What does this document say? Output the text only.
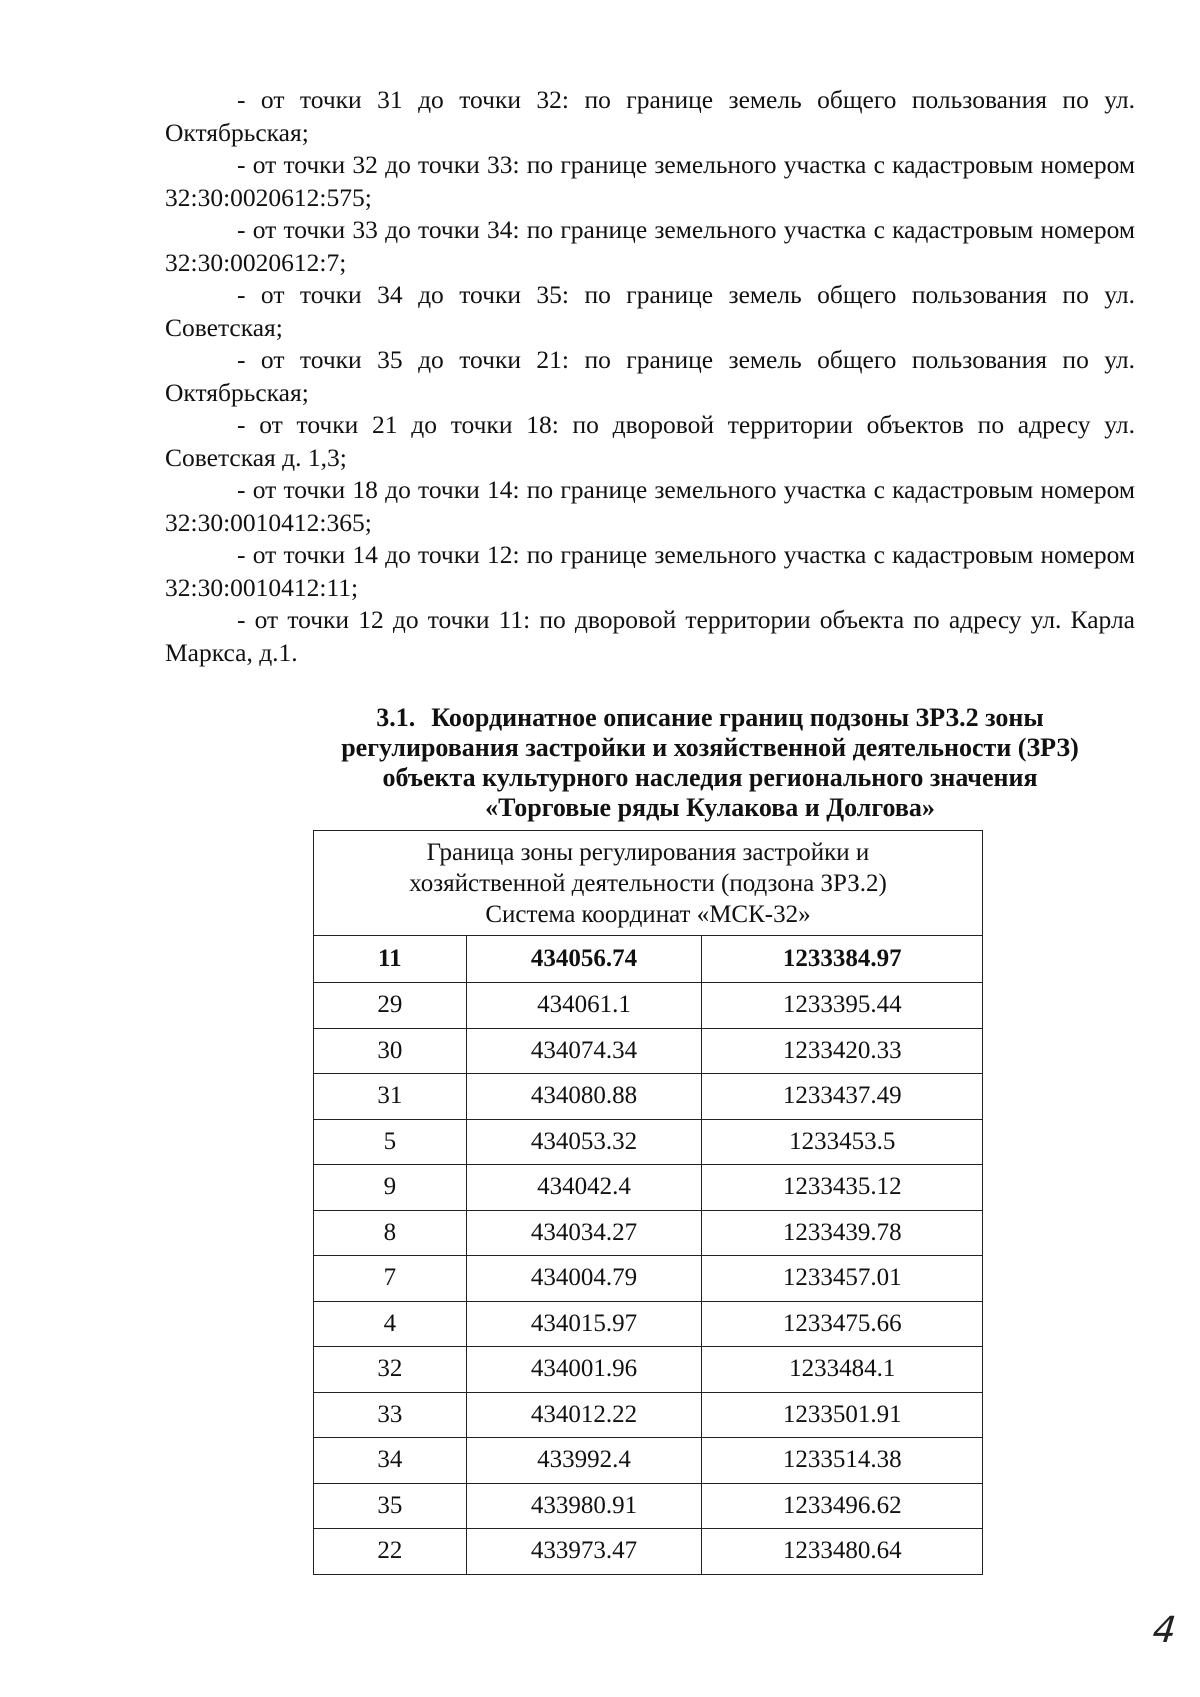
- от точки 31 до точки 32: по границе земель общего пользования по ул. Октябрьская;

- от точки 32 до точки 33: по границе земельного участка с кадастровым номером 32:30:0020612:575;

- от точки 33 до точки 34: по границе земельного участка с кадастровым номером 32:30:0020612:7;

- от точки 34 до точки 35: по границе земель общего пользования по ул. Советская;

- от точки 35 до точки 21: по границе земель общего пользования по ул. Октябрьская;

- от точки 21 до точки 18: по дворовой территории объектов по адресу ул. Советская д. 1,3;

- от точки 18 до точки 14: по границе земельного участка с кадастровым номером 32:30:0010412:365;

- от точки 14 до точки 12: по границе земельного участка с кадастровым номером 32:30:0010412:11;

- от точки 12 до точки 11: по дворовой территории объекта по адресу ул. Карла Маркса, д.1.

3.1. Координатное описание границ подзоны ЗРЗ.2 зоны
регулирования застройки и хозяйственной деятельности (ЗРЗ)
объекта культурного наследия регионального значения
«Торговые ряды Кулакова и Долгова»
Граница зоны регулирования застройки и
хозяйственной деятельности (подзона ЗРЗ.2)
Система координат «МСК-32»		

11	434056.74	1233384.97
29	434061.1	1233395.44
30	434074.34	1233420.33
31	434080.88	1233437.49
5	434053.32	1233453.5
9	434042.4	1233435.12
8	434034.27	1233439.78
7	434004.79	1233457.01
4	434015.97	1233475.66
32	434001.96	1233484.1
33	434012.22	1233501.91
34	433992.4	1233514.38
35	433980.91	1233496.62
22	433973.47	1233480.64
4
